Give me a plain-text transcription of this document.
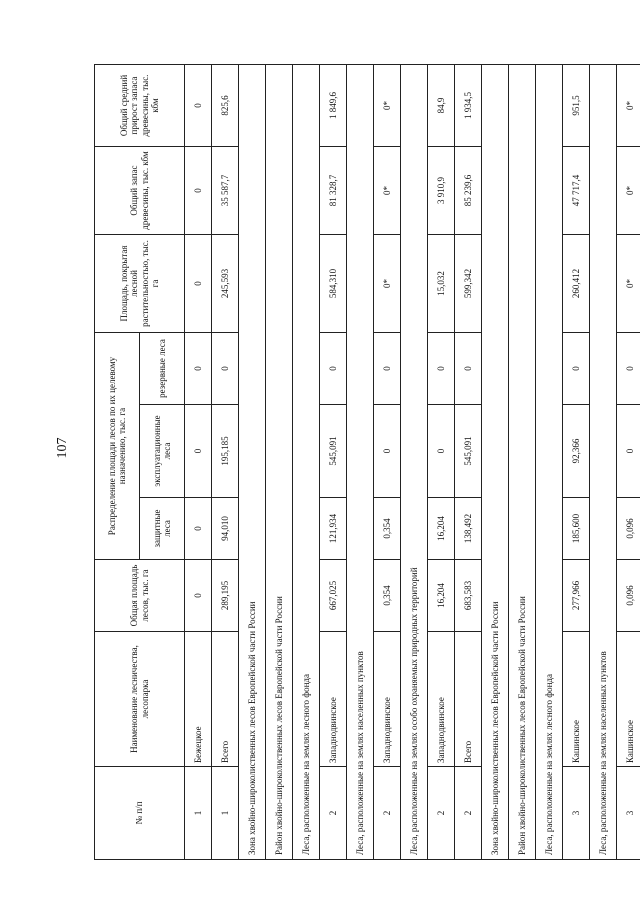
107
№ п/п	Наименование лесничества, лесопарка	Общая площадь лесов, тыс. га	Распределение площади лесов по их целевому назначению, тыс. га			Площадь, покрытая лесной растительностью, тыс. га	Общий запас древесины, тыс. кбм	Общий средний прирост запаса древесины, тыс. кбм
			защитные леса	эксплуатационные леса	резервные леса			
1	Бежецкое	0	0	0	0	0	0	0
1	Всего	289,195	94,010	195,185	0	245,593	35 587,7	825,6
Зона хвойно-широколиственных лесов Европейской части России								
Район хвойно-широколиственных лесов Европейской части России								
Леса, расположенные на землях лесного фонда								
2	Западнодвинское	667,025	121,934	545,091	0	584,310	81 328,7	1 849,6
Леса, расположенные на землях населенных пунктов								
2	Западнодвинское	0,354	0,354	0	0	0*	0*	0*
Леса, расположенные на землях особо охраняемых природных территорий								
2	Западнодвинское	16,204	16,204	0	0	15,032	3 910,9	84,9
2	Всего	683,583	138,492	545,091	0	599,342	85 239,6	1 934,5
Зона хвойно-широколиственных лесов Европейской части России								
Район хвойно-широколиственных лесов Европейской части России								
Леса, расположенные на землях лесного фонда								
3	Кашинское	277,966	185,600	92,366	0	260,412	47 717,4	951,5
Леса, расположенные на землях населенных пунктов								
3	Кашинское	0,096	0,096	0	0	0*	0*	0*
